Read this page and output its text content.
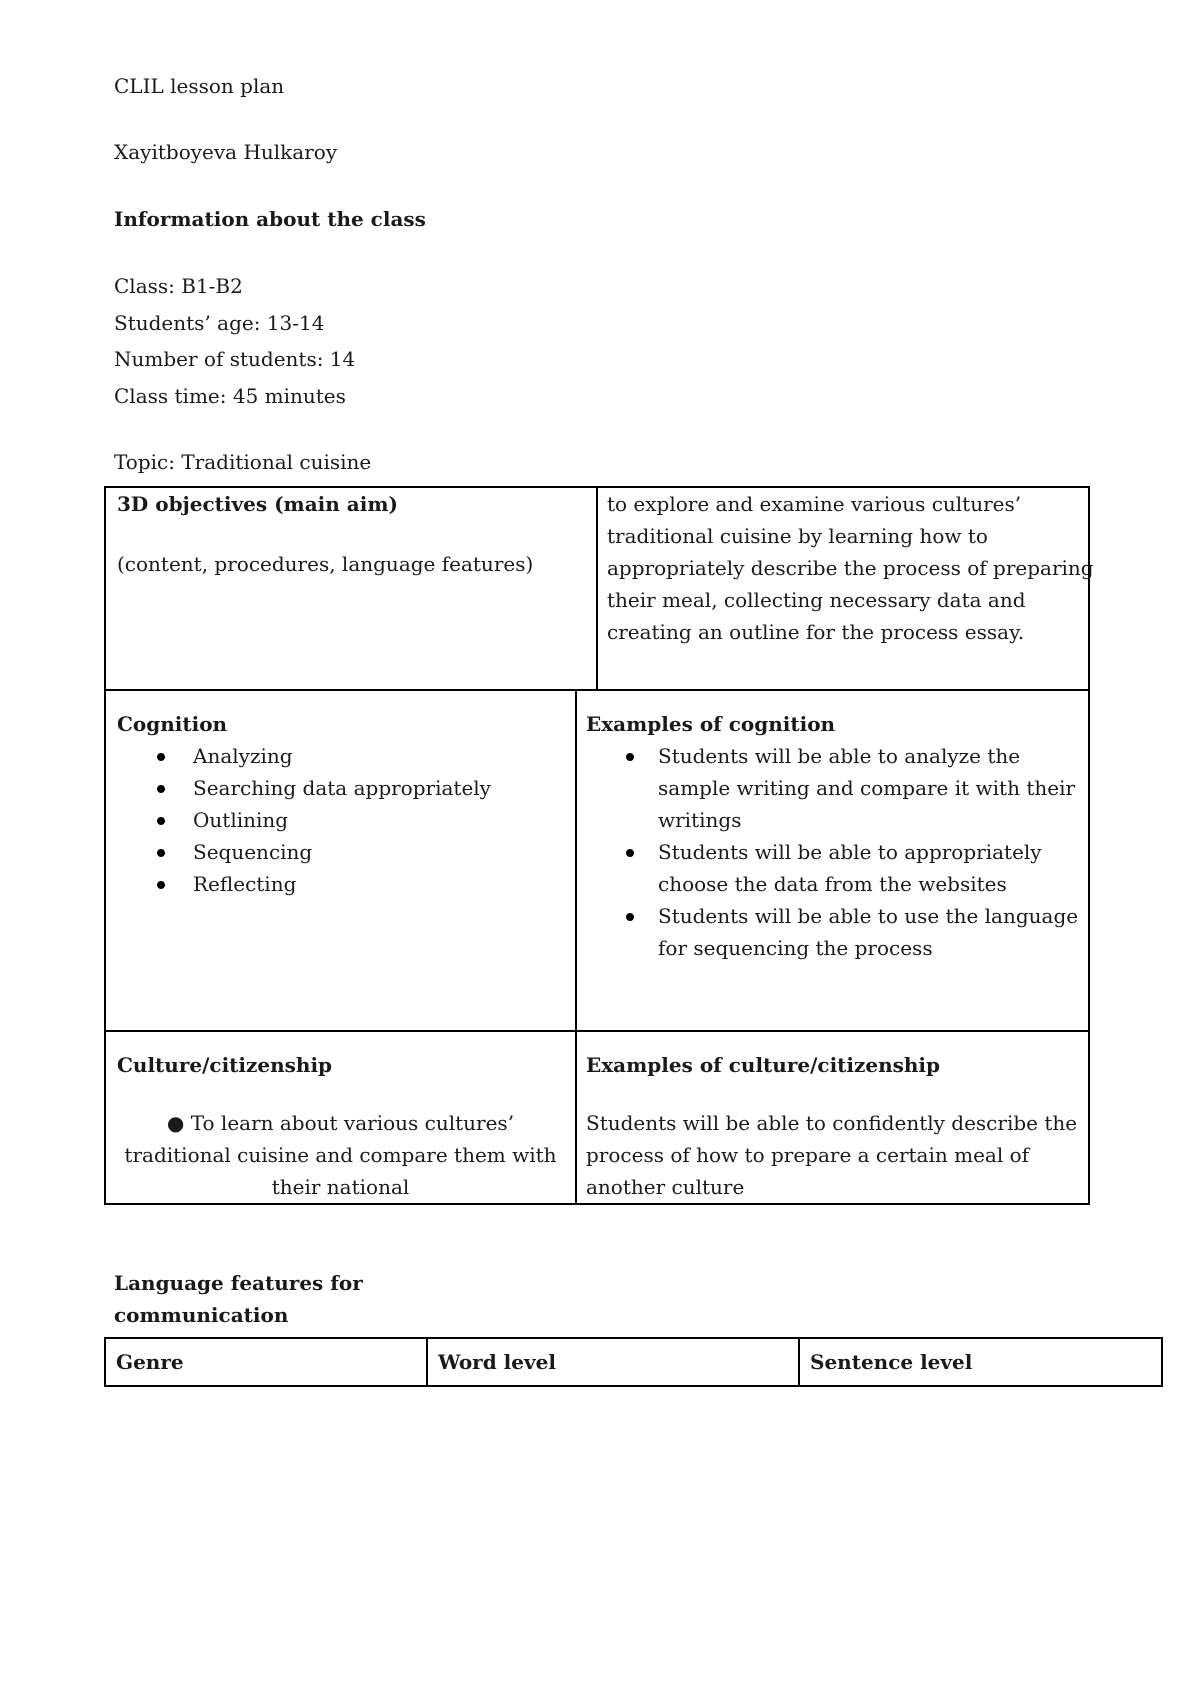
CLIL lesson plan
Xayitboyeva Hulkaroy
Information about the class
Class: B1-B2
Students’ age: 13-14
Number of students: 14
Class time: 45 minutes
Topic: Traditional cuisine
3D objectives (main aim)
(content, procedures, language features)
to explore and examine various cultures’
traditional cuisine by learning how to
appropriately describe the process of preparing
their meal, collecting necessary data and
creating an outline for the process essay.
Cognition
Analyzing
Searching data appropriately
Outlining
Sequencing
Reflecting
Examples of cognition
Students will be able to analyze the
sample writing and compare it with their
writings
Students will be able to appropriately
choose the data from the websites
Students will be able to use the language
for sequencing the process
Culture/citizenship
● To learn about various cultures’
traditional cuisine and compare them with
their national
Examples of culture/citizenship
Students will be able to confidently describe the
process of how to prepare a certain meal of
another culture
Language features for
communication
Genre	Word level	Sentence level
